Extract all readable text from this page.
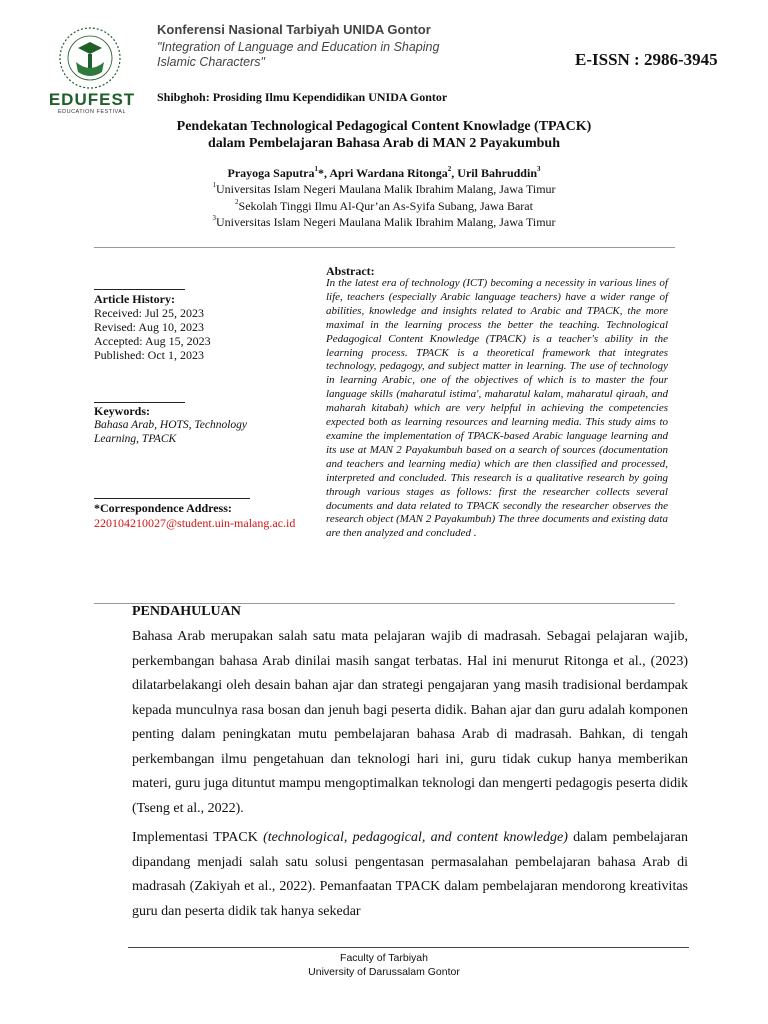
EDUFEST
EDUCATION FESTIVAL
Konferensi Nasional Tarbiyah UNIDA Gontor
"Integration of Language and Education in Shaping
Islamic Characters"	E-ISSN : 2986-3945
Shibghoh: Prosiding Ilmu Kependidikan UNIDA Gontor
Pendekatan Technological Pedagogical Content Knowladge (TPACK)
dalam Pembelajaran Bahasa Arab di MAN 2 Payakumbuh
Prayoga Saputra$^1$*, Apri Wardana Ritonga$^2$, Uril Bahruddin$^3$
$^1$Universitas Islam Negeri Maulana Malik Ibrahim Malang, Jawa Timur
$^2$Sekolah Tinggi Ilmu Al-Qur’an As-Syifa Subang, Jawa Barat
$^3$Universitas Islam Negeri Maulana Malik Ibrahim Malang, Jawa Timur
Article History:
Received: Jul 25, 2023
Revised: Aug 10, 2023
Accepted: Aug 15, 2023
Published: Oct 1, 2023
Keywords:
Bahasa Arab, HOTS, Technology Learning, TPACK
*Correspondence Address:
220104210027@student.uin-malang.ac.id
Abstract:
In the latest era of technology (ICT) becoming a necessity in various lines of life, teachers (especially Arabic language teachers) have a wider range of abilities, knowledge and insights related to Arabic and TPACK, the more maximal in the learning process the better the teaching. Technological Pedagogical Content Knowledge (TPACK) is a teacher's ability in the learning process. TPACK is a theoretical framework that integrates technology, pedagogy, and subject matter in learning. The use of technology in learning Arabic, one of the objectives of which is to master the four language skills (maharatul istima', maharatul kalam, maharatul qiraah, and maharah kitabah) which are very helpful in achieving the competencies expected both as learning resources and learning media. This study aims to examine the implementation of TPACK-based Arabic language learning and its use at MAN 2 Payakumbuh based on a search of sources (documentation and teachers and learning media) which are then classified and processed, interpreted and concluded. This research is a qualitative research by going through various stages as follows: first the researcher collects several documents and data related to TPACK secondly the researcher observes the research object (MAN 2 Payakumbuh) The three documents and existing data are then analyzed and concluded .
PENDAHULUAN
Bahasa Arab merupakan salah satu mata pelajaran wajib di madrasah. Sebagai pelajaran wajib, perkembangan bahasa Arab dinilai masih sangat terbatas. Hal ini menurut Ritonga et al., (2023) dilatarbelakangi oleh desain bahan ajar dan strategi pengajaran yang masih tradisional berdampak kepada munculnya rasa bosan dan jenuh bagi peserta didik. Bahan ajar dan guru adalah komponen penting dalam peningkatan mutu pembelajaran bahasa Arab di madrasah. Bahkan, di tengah perkembangan ilmu pengetahuan dan teknologi hari ini, guru tidak cukup hanya memberikan materi, guru juga dituntut mampu mengoptimalkan teknologi dan mengerti pedagogis peserta didik (Tseng et al., 2022).
Implementasi TPACK (technological, pedagogical, and content knowledge) dalam pembelajaran dipandang menjadi salah satu solusi pengentasan permasalahan pembelajaran bahasa Arab di madrasah (Zakiyah et al., 2022). Pemanfaatan TPACK dalam pembelajaran mendorong kreativitas guru dan peserta didik tak hanya sekedar
Faculty of Tarbiyah
University of Darussalam Gontor
